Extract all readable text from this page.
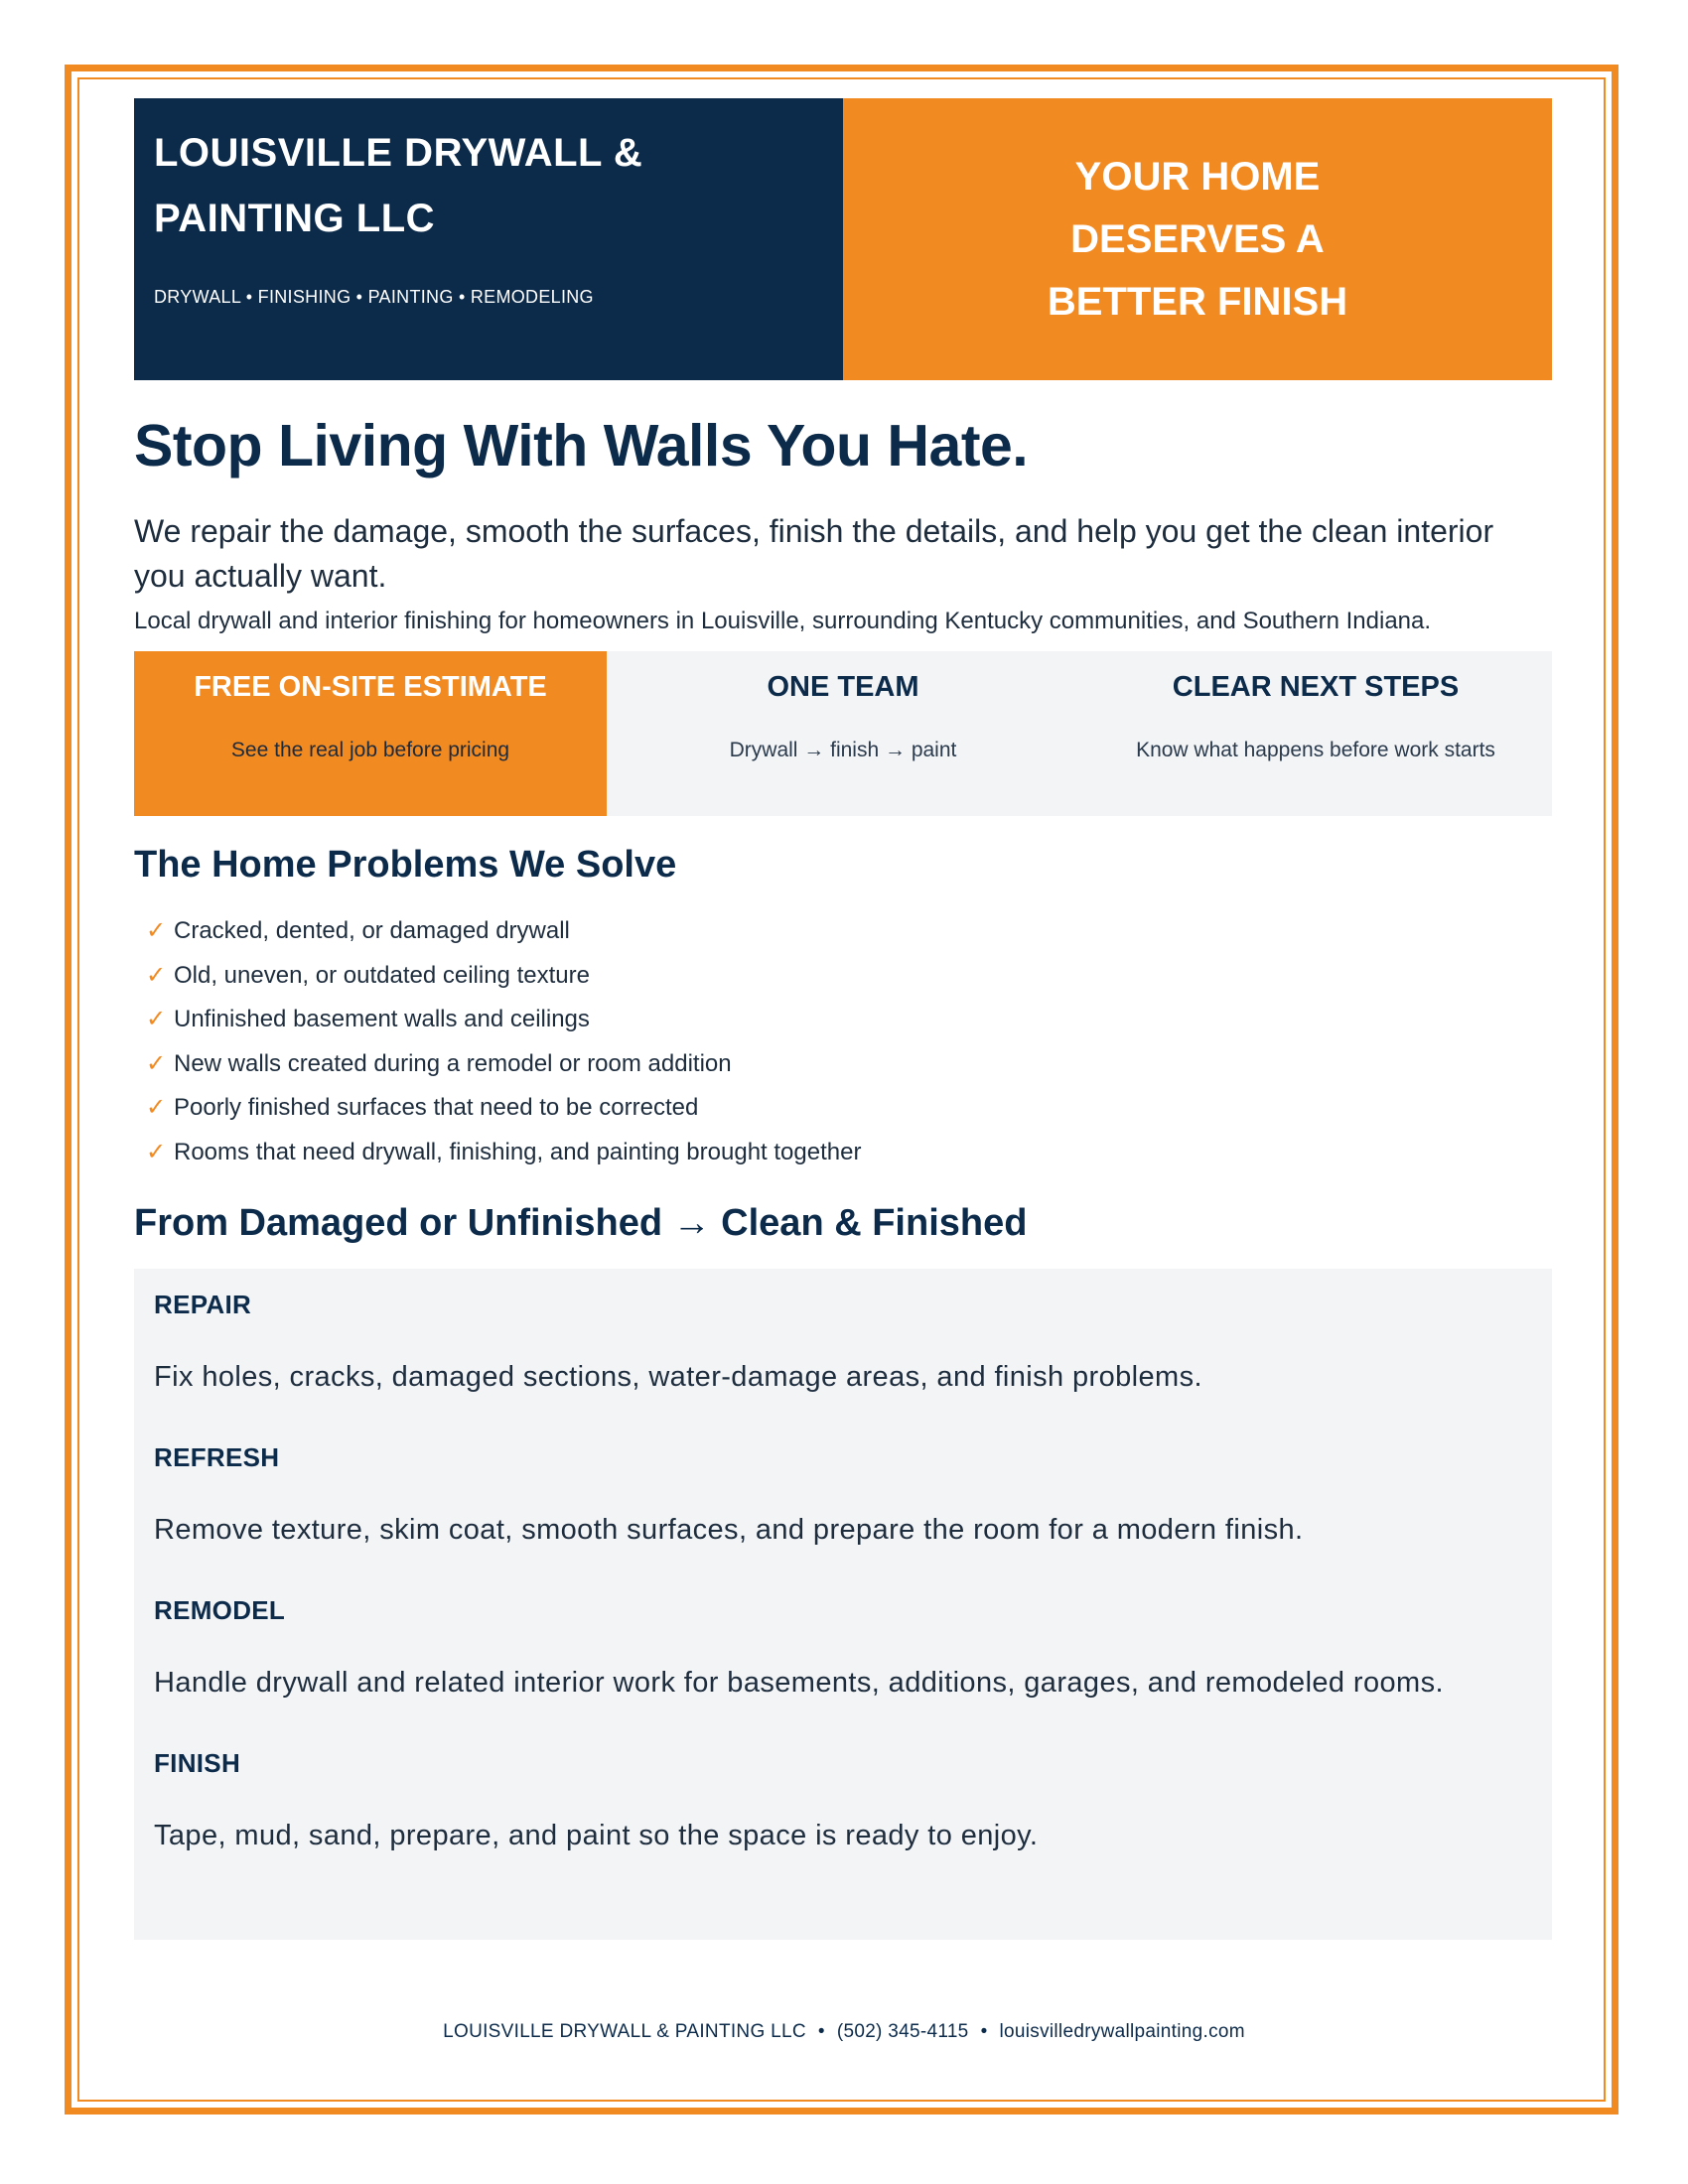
LOUISVILLE DRYWALL &
PAINTING LLC
DRYWALL • FINISHING • PAINTING • REMODELING
YOUR HOME
DESERVES A
BETTER FINISH
Stop Living With Walls You Hate.

We repair the damage, smooth the surfaces, finish the details, and help you get the clean interior you actually want.

Local drywall and interior finishing for homeowners in Louisville, surrounding Kentucky communities, and Southern Indiana.

FREE ON-SITE ESTIMATE
See the real job before pricing
ONE TEAM
Drywall → finish → paint
CLEAR NEXT STEPS
Know what happens before work starts
The Home Problems We Solve
✓ Cracked, dented, or damaged drywall
✓ Old, uneven, or outdated ceiling texture
✓ Unfinished basement walls and ceilings
✓ New walls created during a remodel or room addition
✓ Poorly finished surfaces that need to be corrected
✓ Rooms that need drywall, finishing, and painting brought together
From Damaged or Unfinished → Clean & Finished
REPAIR
Fix holes, cracks, damaged sections, water-damage areas, and finish problems.
REFRESH
Remove texture, skim coat, smooth surfaces, and prepare the room for a modern finish.
REMODEL
Handle drywall and related interior work for basements, additions, garages, and remodeled rooms.
FINISH
Tape, mud, sand, prepare, and paint so the space is ready to enjoy.
LOUISVILLE DRYWALL & PAINTING LLC • (502) 345-4115 • louisvilledrywallpainting.com
